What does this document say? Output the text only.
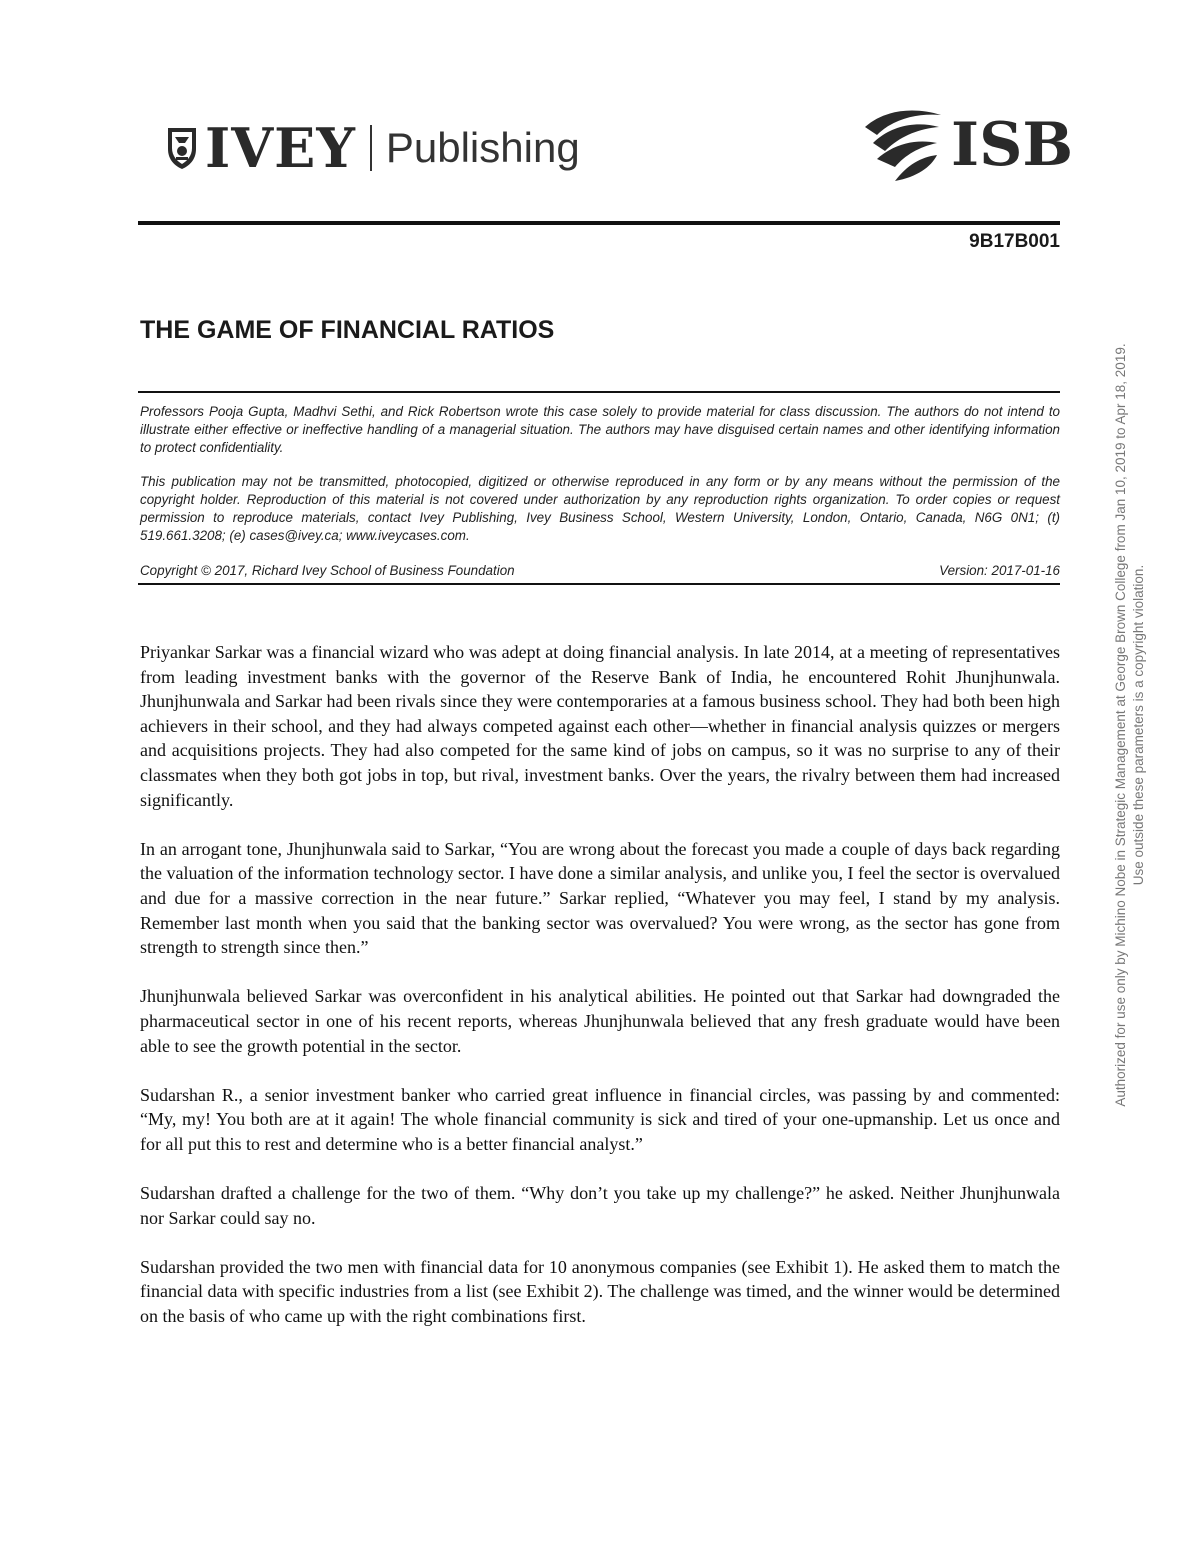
IVEY Publishing	ISB
9B17B001
THE GAME OF FINANCIAL RATIOS
Professors Pooja Gupta, Madhvi Sethi, and Rick Robertson wrote this case solely to provide material for class discussion. The authors do not intend to illustrate either effective or ineffective handling of a managerial situation. The authors may have disguised certain names and other identifying information to protect confidentiality.
This publication may not be transmitted, photocopied, digitized or otherwise reproduced in any form or by any means without the permission of the copyright holder. Reproduction of this material is not covered under authorization by any reproduction rights organization. To order copies or request permission to reproduce materials, contact Ivey Publishing, Ivey Business School, Western University, London, Ontario, Canada, N6G 0N1; (t) 519.661.3208; (e) cases@ivey.ca; www.iveycases.com.
Copyright © 2017, Richard Ivey School of Business Foundation	Version: 2017-01-16

Priyankar Sarkar was a financial wizard who was adept at doing financial analysis. In late 2014, at a meeting of representatives from leading investment banks with the governor of the Reserve Bank of India, he encountered Rohit Jhunjhunwala. Jhunjhunwala and Sarkar had been rivals since they were contemporaries at a famous business school. They had both been high achievers in their school, and they had always competed against each other—whether in financial analysis quizzes or mergers and acquisitions projects. They had also competed for the same kind of jobs on campus, so it was no surprise to any of their classmates when they both got jobs in top, but rival, investment banks. Over the years, the rivalry between them had increased significantly.

In an arrogant tone, Jhunjhunwala said to Sarkar, “You are wrong about the forecast you made a couple of days back regarding the valuation of the information technology sector. I have done a similar analysis, and unlike you, I feel the sector is overvalued and due for a massive correction in the near future.” Sarkar replied, “Whatever you may feel, I stand by my analysis. Remember last month when you said that the banking sector was overvalued? You were wrong, as the sector has gone from strength to strength since then.”

Jhunjhunwala believed Sarkar was overconfident in his analytical abilities. He pointed out that Sarkar had downgraded the pharmaceutical sector in one of his recent reports, whereas Jhunjhunwala believed that any fresh graduate would have been able to see the growth potential in the sector.

Sudarshan R., a senior investment banker who carried great influence in financial circles, was passing by and commented: “My, my! You both are at it again! The whole financial community is sick and tired of your one-upmanship. Let us once and for all put this to rest and determine who is a better financial analyst.”

Sudarshan drafted a challenge for the two of them. “Why don’t you take up my challenge?” he asked. Neither Jhunjhunwala nor Sarkar could say no.

Sudarshan provided the two men with financial data for 10 anonymous companies (see Exhibit 1). He asked them to match the financial data with specific industries from a list (see Exhibit 2). The challenge was timed, and the winner would be determined on the basis of who came up with the right combinations first.

Authorized for use only by Michino Nobe in Strategic Management at George Brown College from Jan 10, 2019 to Apr 18, 2019. Use outside these parameters is a copyright violation.
